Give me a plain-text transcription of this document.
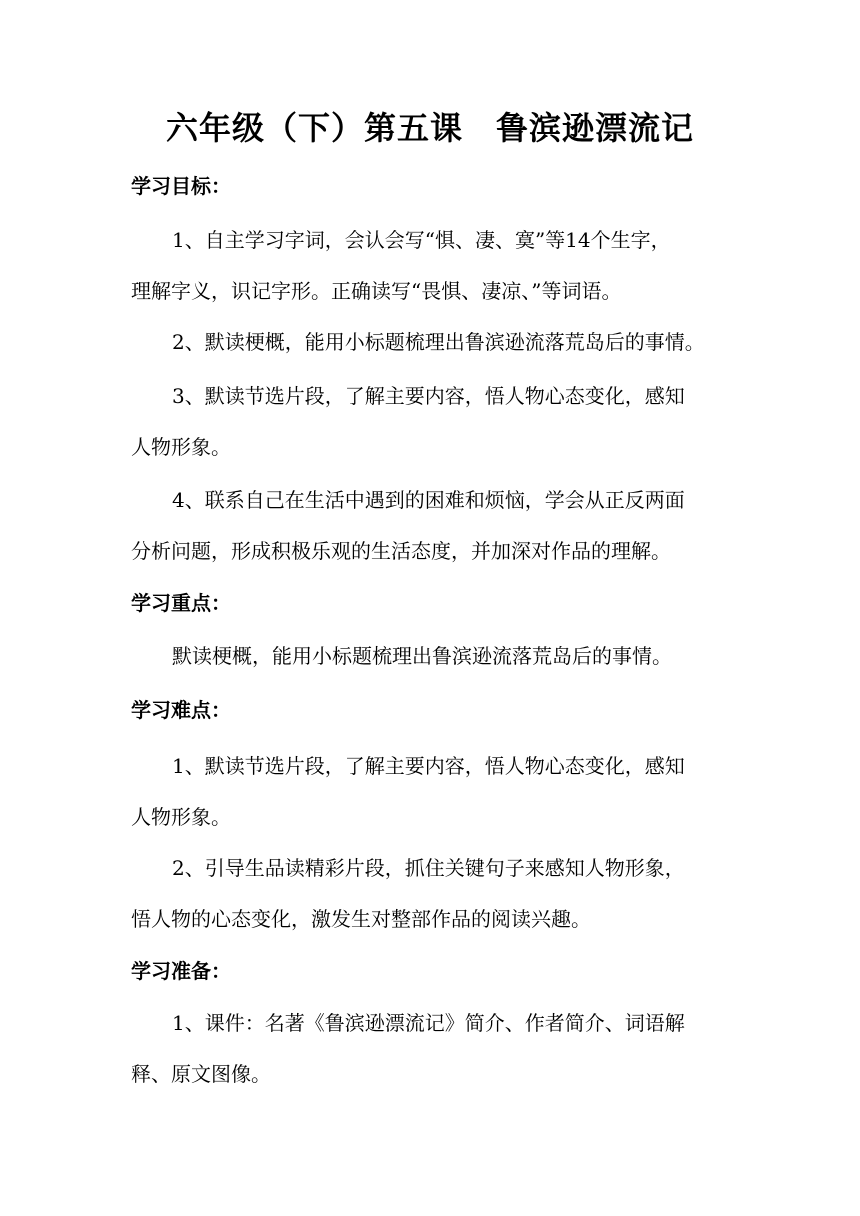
六年级（下）第五课　鲁滨逊漂流记
学习目标：
1、自主学习字词，会认会写“惧、凄、寞”等14个生字，
理解字义，识记字形。正确读写“畏惧、凄凉、”等词语。
2、默读梗概，能用小标题梳理出鲁滨逊流落荒岛后的事情。
3、默读节选片段，了解主要内容，悟人物心态变化，感知
人物形象。
4、联系自己在生活中遇到的困难和烦恼，学会从正反两面
分析问题，形成积极乐观的生活态度，并加深对作品的理解。
学习重点：
默读梗概，能用小标题梳理出鲁滨逊流落荒岛后的事情。
学习难点：
1、默读节选片段，了解主要内容，悟人物心态变化，感知
人物形象。
2、引导生品读精彩片段，抓住关键句子来感知人物形象，
悟人物的心态变化，激发生对整部作品的阅读兴趣。
学习准备：
1、课件：名著《鲁滨逊漂流记》简介、作者简介、词语解
释、原文图像。
